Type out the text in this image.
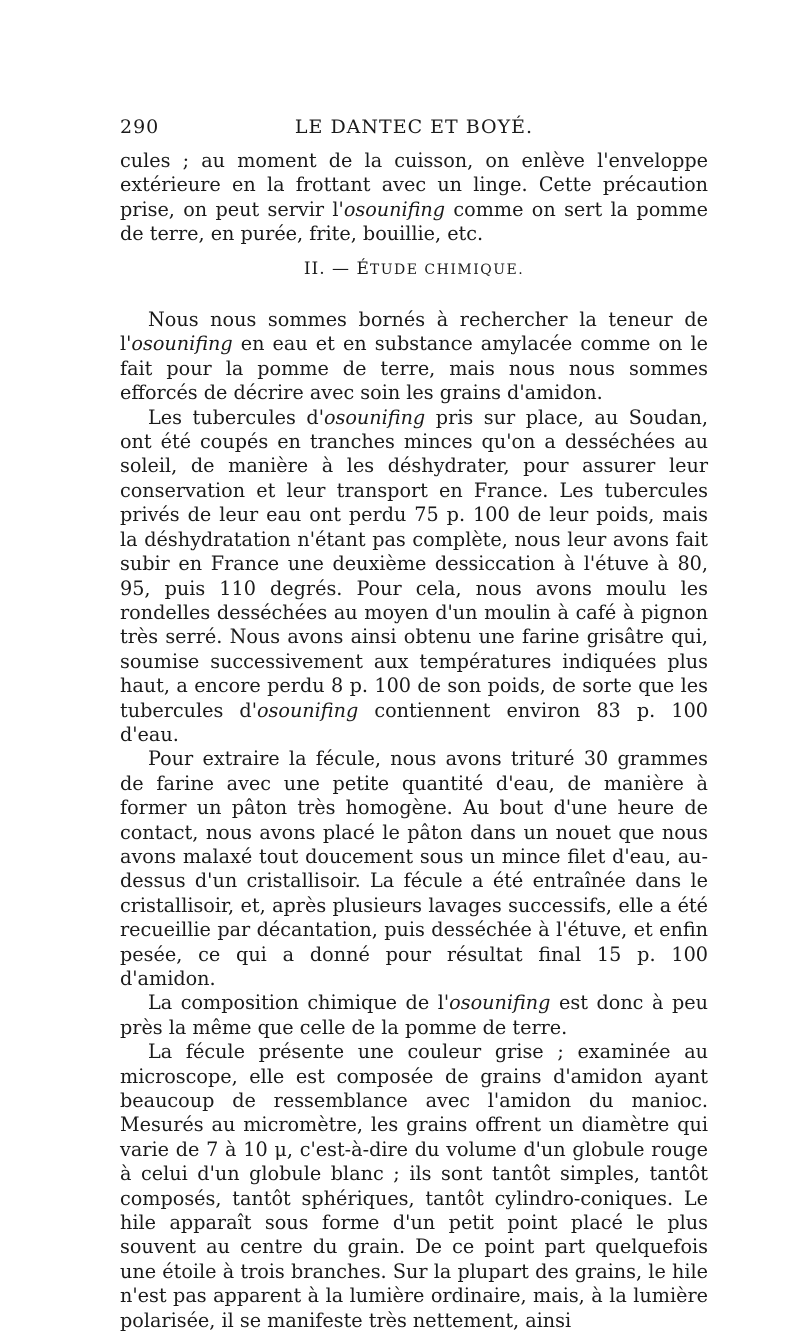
290	LE DANTEC ET BOYÉ.

cules ; au moment de la cuisson, on enlève l'enveloppe extérieure en la frottant avec un linge. Cette précaution prise, on peut servir l'osounifing comme on sert la pomme de terre, en purée, frite, bouillie, etc.

II. — ÉTUDE CHIMIQUE.

Nous nous sommes bornés à rechercher la teneur de l'osounifing en eau et en substance amylacée comme on le fait pour la pomme de terre, mais nous nous sommes efforcés de décrire avec soin les grains d'amidon.

Les tubercules d'osounifing pris sur place, au Soudan, ont été coupés en tranches minces qu'on a desséchées au soleil, de manière à les déshydrater, pour assurer leur conservation et leur transport en France. Les tubercules privés de leur eau ont perdu 75 p. 100 de leur poids, mais la déshydratation n'étant pas complète, nous leur avons fait subir en France une deuxième dessiccation à l'étuve à 80, 95, puis 110 degrés. Pour cela, nous avons moulu les rondelles desséchées au moyen d'un moulin à café à pignon très serré. Nous avons ainsi obtenu une farine grisâtre qui, soumise successivement aux températures indiquées plus haut, a encore perdu 8 p. 100 de son poids, de sorte que les tubercules d'osounifing contiennent environ 83 p. 100 d'eau.

Pour extraire la fécule, nous avons trituré 30 grammes de farine avec une petite quantité d'eau, de manière à former un pâton très homogène. Au bout d'une heure de contact, nous avons placé le pâton dans un nouet que nous avons malaxé tout doucement sous un mince filet d'eau, au-dessus d'un cristallisoir. La fécule a été entraînée dans le cristallisoir, et, après plusieurs lavages successifs, elle a été recueillie par décantation, puis desséchée à l'étuve, et enfin pesée, ce qui a donné pour résultat final 15 p. 100 d'amidon.

La composition chimique de l'osounifing est donc à peu près la même que celle de la pomme de terre.

La fécule présente une couleur grise ; examinée au microscope, elle est composée de grains d'amidon ayant beaucoup de ressemblance avec l'amidon du manioc. Mesurés au micromètre, les grains offrent un diamètre qui varie de 7 à 10 μ, c'est-à-dire du volume d'un globule rouge à celui d'un globule blanc ; ils sont tantôt simples, tantôt composés, tantôt sphériques, tantôt cylindro-coniques. Le hile apparaît sous forme d'un petit point placé le plus souvent au centre du grain. De ce point part quelquefois une étoile à trois branches. Sur la plupart des grains, le hile n'est pas apparent à la lumière ordinaire, mais, à la lumière polarisée, il se manifeste très nettement, ainsi
